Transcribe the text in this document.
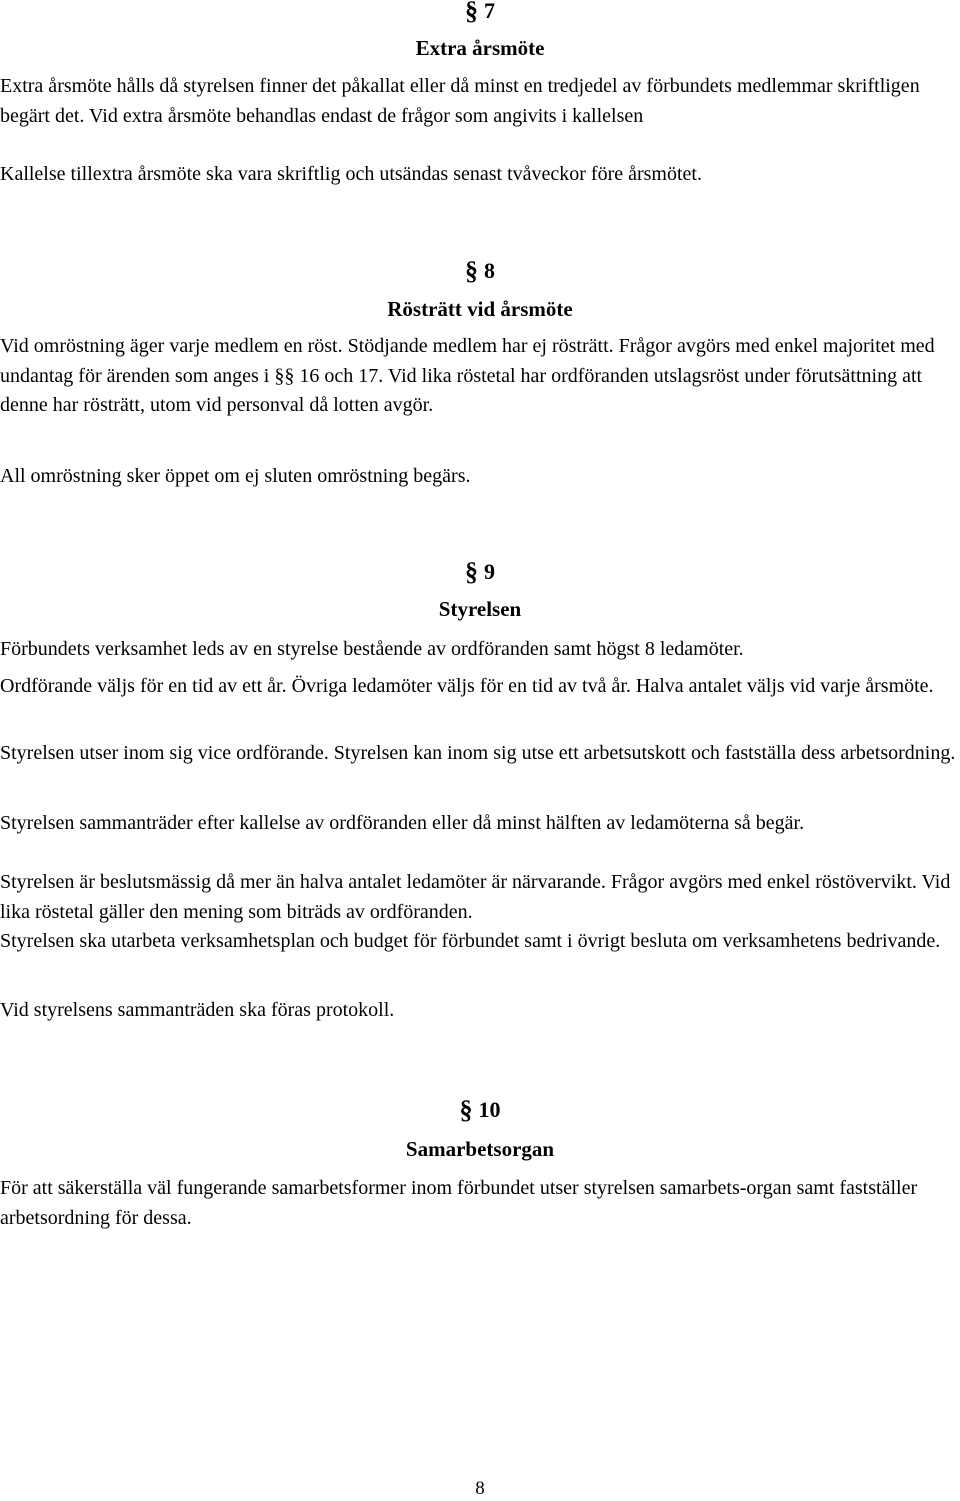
§ 7
Extra årsmöte
Extra årsmöte hålls då styrelsen finner det påkallat eller då minst en tredjedel av förbundets medlemmar skriftligen begärt det. Vid extra årsmöte behandlas endast de frågor som angivits i kallelsen
Kallelse tillextra årsmöte ska vara skriftlig och utsändas senast tvåveckor före årsmötet.
§ 8
Rösträtt vid årsmöte
Vid omröstning äger varje medlem en röst. Stödjande medlem har ej rösträtt. Frågor avgörs med enkel majoritet med undantag för ärenden som anges i §§ 16 och 17. Vid lika röstetal har ordföranden utslagsröst under förutsättning att denne har rösträtt, utom vid personval då lotten avgör.
All omröstning sker öppet om ej sluten omröstning begärs.
§ 9
Styrelsen
Förbundets verksamhet leds av en styrelse bestående av ordföranden samt högst 8 ledamöter.
Ordförande väljs för en tid av ett år. Övriga ledamöter väljs för en tid av två år. Halva antalet väljs vid varje årsmöte.
Styrelsen utser inom sig vice ordförande. Styrelsen kan inom sig utse ett arbetsutskott och fastställa dess arbetsordning.
Styrelsen sammanträder efter kallelse av ordföranden eller då minst hälften av ledamöterna så begär.
Styrelsen är beslutsmässig då mer än halva antalet ledamöter är närvarande. Frågor avgörs med enkel röstövervikt. Vid lika röstetal gäller den mening som biträds av ordföranden.
Styrelsen ska utarbeta verksamhetsplan och budget för förbundet samt i övrigt besluta om verksamhetens bedrivande.
Vid styrelsens sammanträden ska föras protokoll.
§ 10
Samarbetsorgan
För att säkerställa väl fungerande samarbetsformer inom förbundet utser styrelsen samarbets-organ samt fastställer arbetsordning för dessa.
8
